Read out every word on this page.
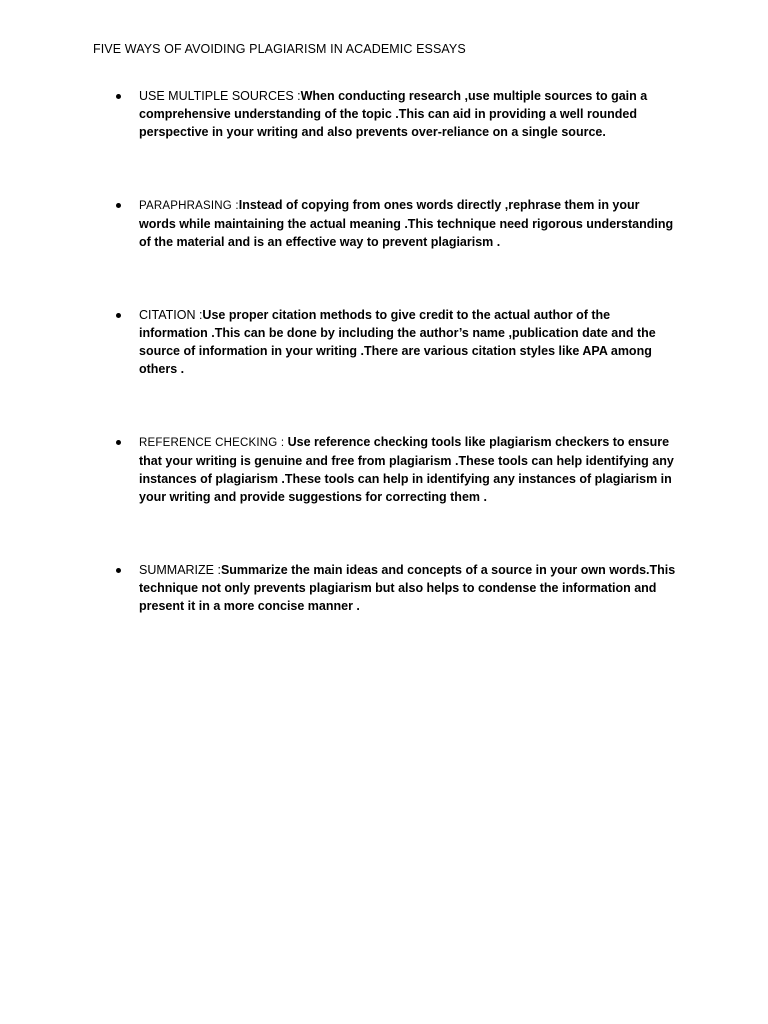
FIVE WAYS OF AVOIDING PLAGIARISM IN ACADEMIC ESSAYS
USE MULTIPLE SOURCES :When conducting research ,use multiple sources to gain a comprehensive understanding of the topic .This can aid in providing a well rounded perspective in your writing and also prevents over-reliance on a single source.
PARAPHRASING :Instead of copying from ones words directly ,rephrase them in your words while maintaining the actual meaning .This technique need rigorous understanding of the material and is an effective way to prevent plagiarism .
CITATION :Use proper citation methods to give credit to the actual author of the information .This can be done by including the author’s name ,publication date and the source of information in your writing .There are various citation styles like APA among others .
REFERENCE CHECKING : Use reference checking tools like plagiarism checkers to ensure that your writing is genuine and free from plagiarism .These tools can help identifying any instances of plagiarism .These tools can help in identifying any instances of plagiarism in your writing and provide suggestions for correcting them .
SUMMARIZE :Summarize the main ideas and concepts of a source in your own words.This technique not only prevents plagiarism but also helps to condense the information and present it in a more concise manner .
